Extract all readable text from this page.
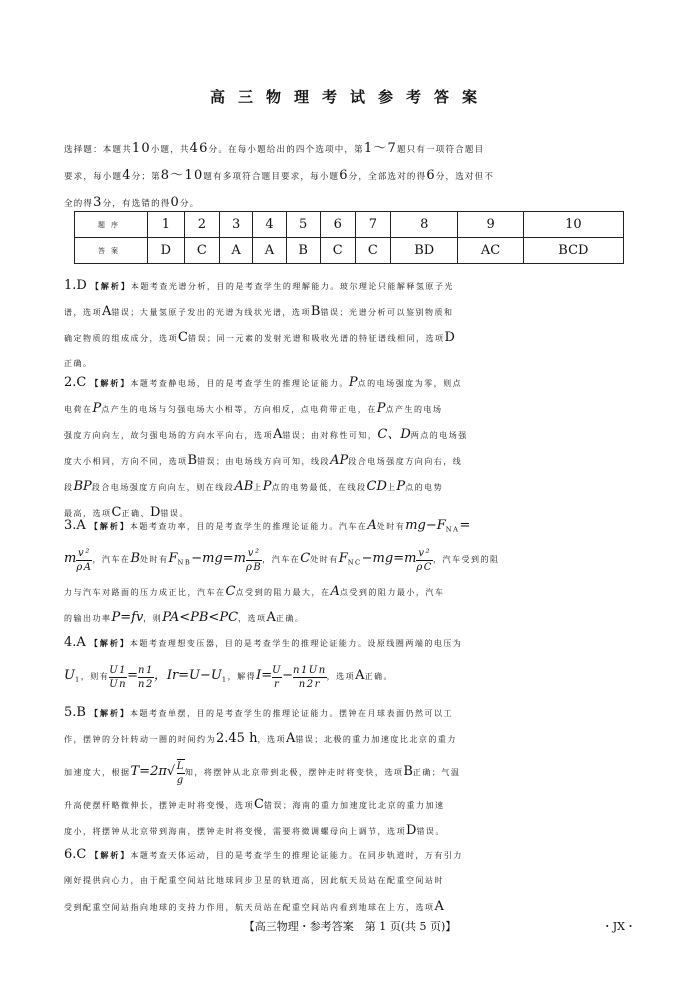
高三物理考试参考答案
选择题：本题共10小题，共46分。在每小题给出的四个选项中，第1～7题只有一项符合题目
要求，每小题4分；第8～10题有多项符合题目要求，每小题6分，全部选对的得6分，选对但不
全的得3分，有选错的得0分。
题序	1	2	3	4	5	6	7	8	9	10
答案	D	C	A	A	B	C	C	BD	AC	BCD
1.D 【解析】本题考查光谱分析，目的是考查学生的理解能力。玻尔理论只能解释氢原子光
谱，选项A错误；大量氢原子发出的光谱为线状光谱，选项B错误；光谱分析可以鉴别物质和
确定物质的组成成分，选项C错误；同一元素的发射光谱和吸收光谱的特征谱线相同，选项D
正确。
2.C 【解析】本题考查静电场，目的是考查学生的推理论证能力。P点的电场强度为零，则点
电荷在P点产生的电场与匀强电场大小相等，方向相反，点电荷带正电，在P点产生的电场
强度方向向左，故匀强电场的方向水平向右，选项A错误；由对称性可知，C、D两点的电场强
度大小相同，方向不同，选项B错误；由电场线方向可知，线段AP段合电场强度方向向右，线
段BP段合电场强度方向向左，则在线段AB上P点的电势最低，在线段CD上P点的电势
最高，选项C正确、D错误。
3.A 【解析】本题考查功率，目的是考查学生的推理论证能力。汽车在A处时有$mg-F_{NA}=$
m $\frac{\text{v²}}{\rho A}$ ，汽车在B处时有$F_{NB}-mg=m \frac{\text{v²}}{\rho B}$ ，汽车在C处时有$F_{NC}-mg=m \frac{\text{v²}}{\rho C}$ ，汽车受到的阻
力与汽车对路面的压力成正比，汽车在C点受到的阻力最大，在A点受到的阻力最小，汽车
的输出功率P=fv，则PA<PB<PC，选项A正确。
4.A 【解析】本题考查理想变压器，目的是考查学生的推理论证能力。设原线圈两端的电压为
$U_1$，则有 $\frac{U1}{Un} = \frac{n1}{n2}$ ，$Ir=U-U_1$，解得$I= \frac{U}{r} - \frac{n1Un}{n2r}$ ，选项A正确。
5.B 【解析】本题考查单摆，目的是考查学生的推理论证能力。摆钟在月球表面仍然可以工
作，摆钟的分针转动一圈的时间约为2.45 h，选项A错误；北极的重力加速度比北京的重力
加速度大，根据$T=2\pi√ \frac{L}{g}$ 知，将摆钟从北京带到北极，摆钟走时将变快，选项B正确；气温
升高使摆杆略微伸长，摆钟走时将变慢，选项C错误；海南的重力加速度比北京的重力加速
度小，将摆钟从北京带到海南，摆钟走时将变慢，需要将微调螺母向上调节，选项D错误。
6.C 【解析】本题考查天体运动，目的是考查学生的推理论证能力。在同步轨道时，万有引力
刚好提供向心力，由于配重空间站比地球同步卫星的轨道高，因此航天员站在配重空间站时
受到配重空间站指向地球的支持力作用，航天员站在配重空间站内看到地球在上方，选项A
【高三物理・参考答案　第 1 页(共 5 页)】	・JX・
